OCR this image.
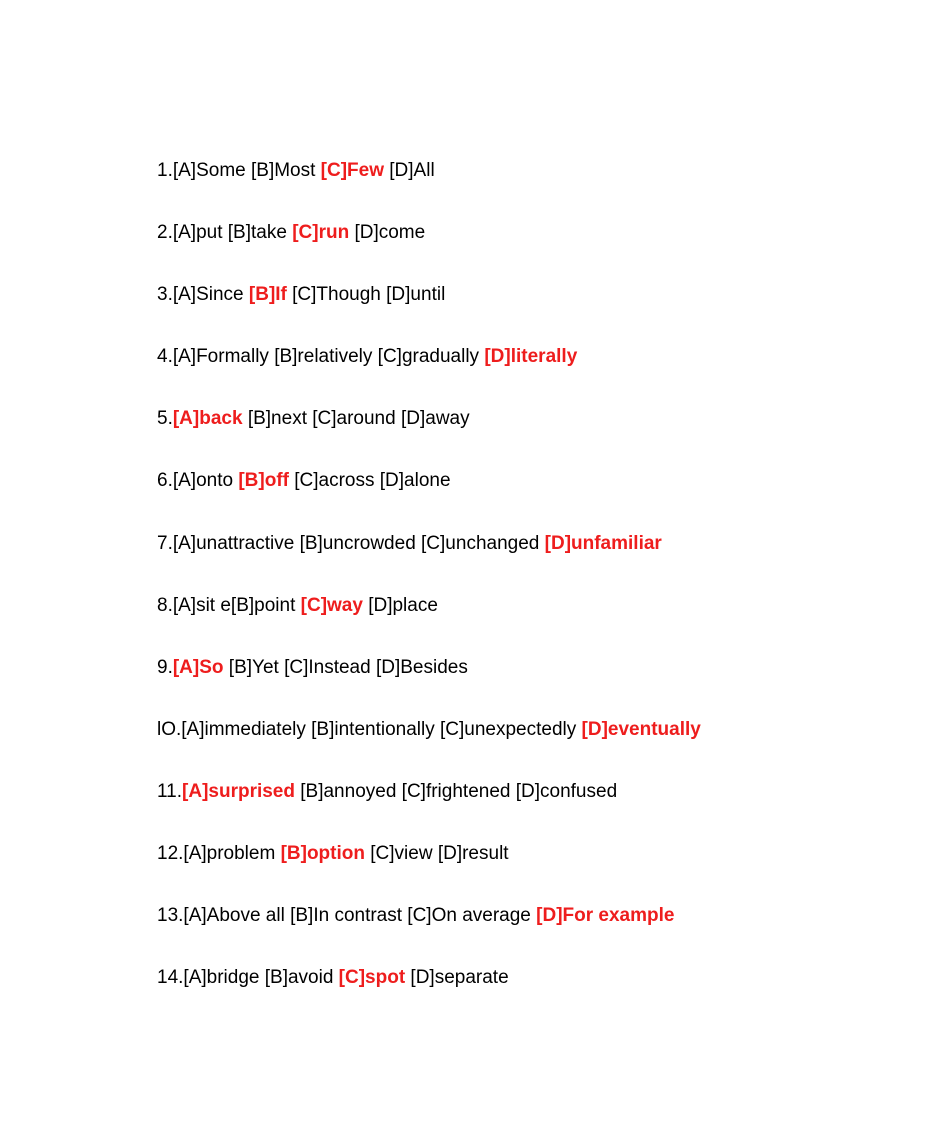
1.[A]Some [B]Most [C]Few [D]All
2.[A]put [B]take [C]run [D]come
3.[A]Since [B]If [C]Though [D]until
4.[A]Formally [B]relatively [C]gradually [D]literally
5.[A]back [B]next [C]around [D]away
6.[A]onto [B]off [C]across [D]alone
7.[A]unattractive [B]uncrowded [C]unchanged [D]unfamiliar
8.[A]sit e[B]point [C]way [D]place
9.[A]So [B]Yet [C]Instead [D]Besides
lO.[A]immediately [B]intentionally [C]unexpectedly [D]eventually
11.[A]surprised [B]annoyed [C]frightened [D]confused
12.[A]problem [B]option [C]view [D]result
13.[A]Above all [B]In contrast [C]On average [D]For example
14.[A]bridge [B]avoid [C]spot [D]separate
